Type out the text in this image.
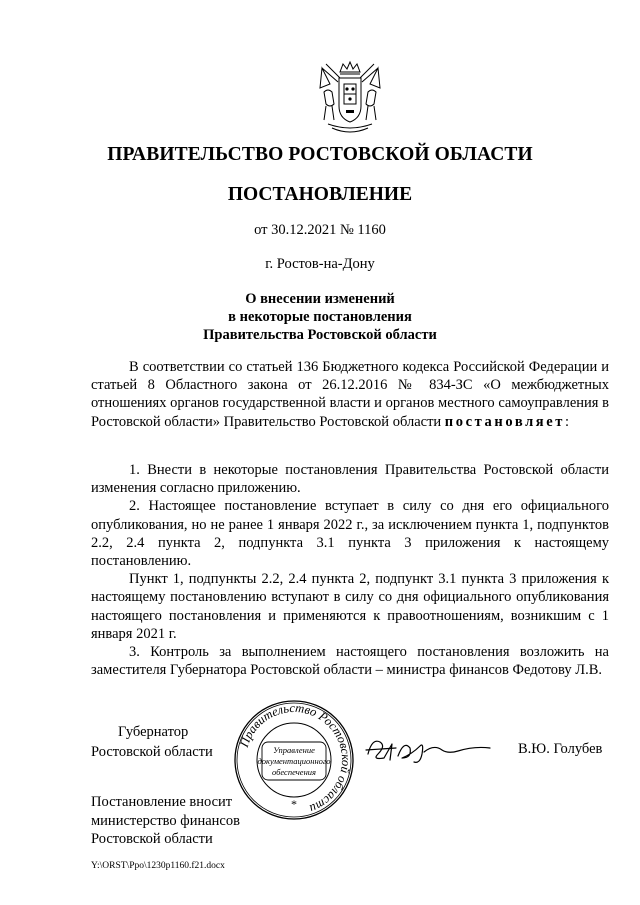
ПРАВИТЕЛЬСТВО РОСТОВСКОЙ ОБЛАСТИ
ПОСТАНОВЛЕНИЕ
от 30.12.2021 № 1160
г. Ростов-на-Дону
О внесении изменений
в некоторые постановления
Правительства Ростовской области

В соответствии со статьей 136 Бюджетного кодекса Российской Федерации и статьей 8 Областного закона от 26.12.2016 № 834-ЗС «О межбюджетных отношениях органов государственной власти и органов местного самоуправления в Ростовской области» Правительство Ростовской области постановляет:

1. Внести в некоторые постановления Правительства Ростовской области изменения согласно приложению.

2. Настоящее постановление вступает в силу со дня его официального опубликования, но не ранее 1 января 2022 г., за исключением пункта 1, подпунктов 2.2, 2.4 пункта 2, подпункта 3.1 пункта 3 приложения к настоящему постановлению.

Пункт 1, подпункты 2.2, 2.4 пункта 2, подпункт 3.1 пункта 3 приложения к настоящему постановлению вступают в силу со дня официального опубликования настоящего постановления и применяются к правоотношениям, возникшим с 1 января 2021 г.

3. Контроль за выполнением настоящего постановления возложить на заместителя Губернатора Ростовской области – министра финансов Федотову Л.В.

Губернатор
Ростовской области
Правительство Ростовской области
Управление
документационного
обеспечения
*
В.Ю. Голубев
Постановление вносит
министерство финансов
Ростовской области
Y:\ORST\Ppo\1230p1160.f21.docx
